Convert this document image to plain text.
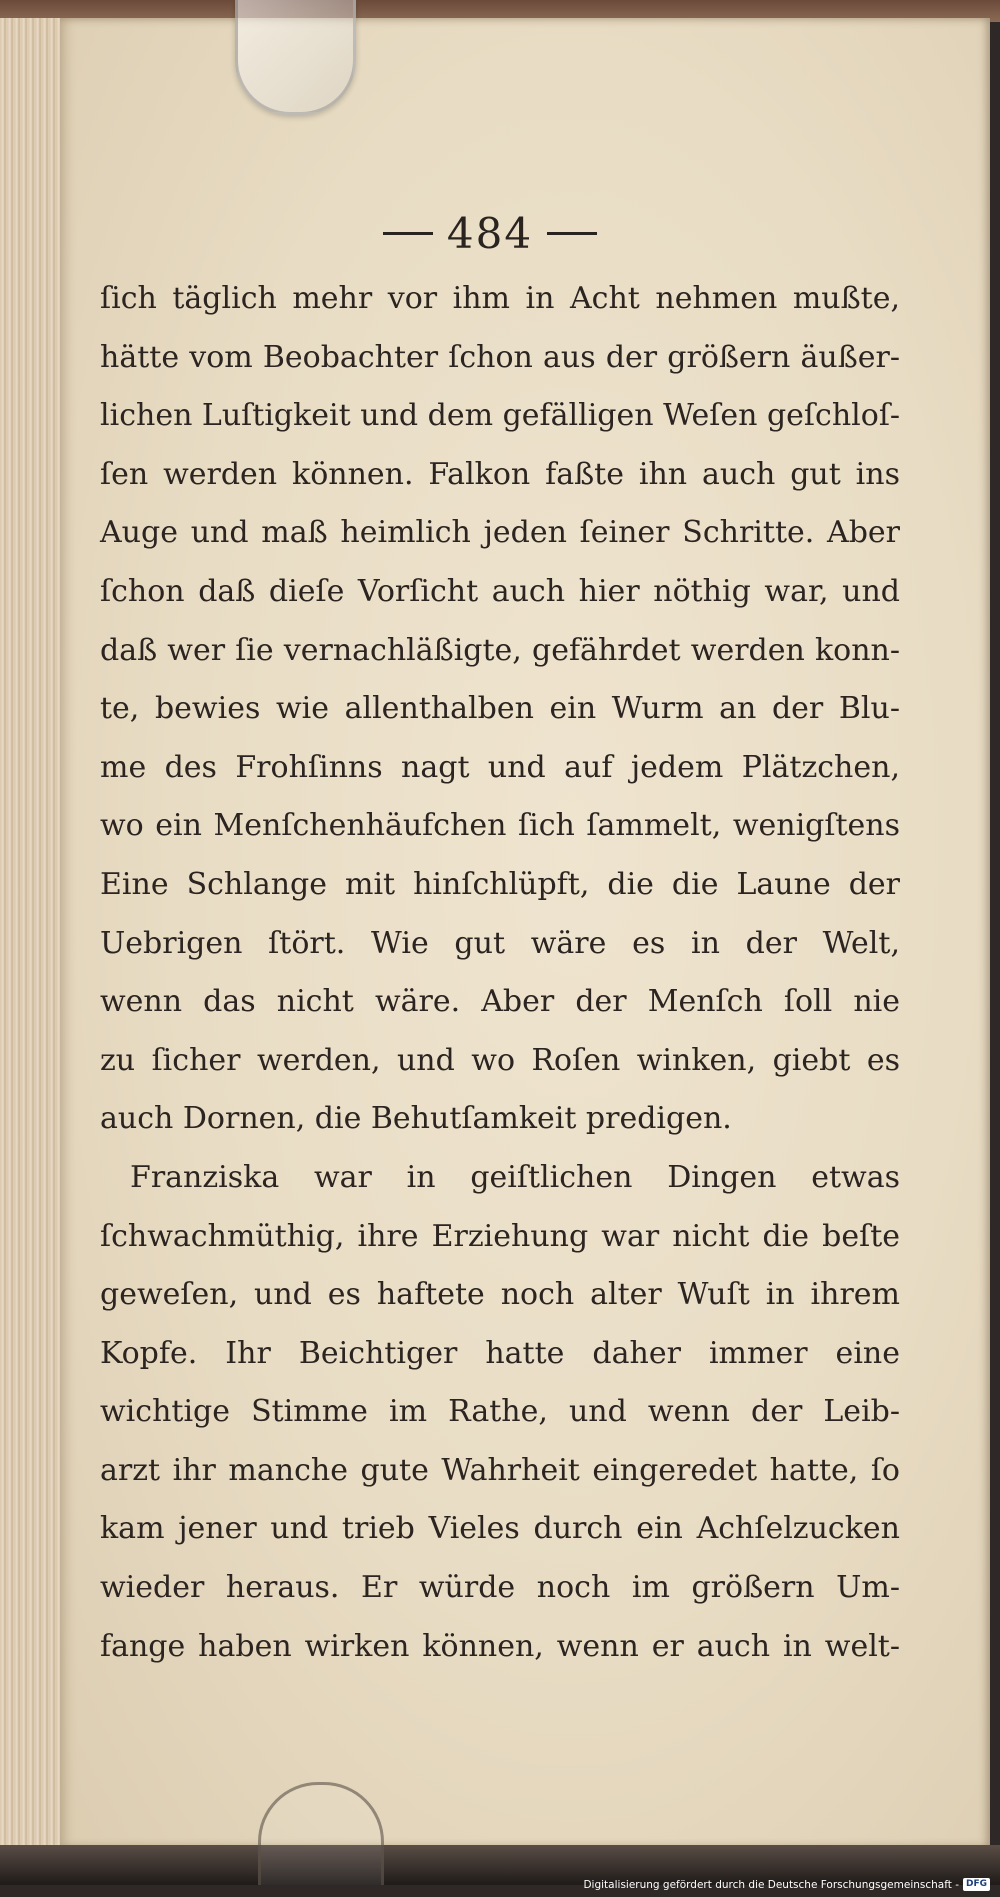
484
ſich täglich mehr vor ihm in Acht nehmen mußte,
hätte vom Beobachter ſchon aus der größern äußer-
lichen Luſtigkeit und dem gefälligen Weſen geſchloſ-
ſen werden können. Falkon faßte ihn auch gut ins
Auge und maß heimlich jeden ſeiner Schritte. Aber
ſchon daß dieſe Vorſicht auch hier nöthig war, und
daß wer ſie vernachläßigte, gefährdet werden konn-
te, bewies wie allenthalben ein Wurm an der Blu-
me des Frohſinns nagt und auf jedem Plätzchen,
wo ein Menſchenhäufchen ſich ſammelt, wenigſtens
Eine Schlange mit hinſchlüpft, die die Laune der
Uebrigen ſtört. Wie gut wäre es in der Welt,
wenn das nicht wäre. Aber der Menſch ſoll nie
zu ſicher werden, und wo Roſen winken, giebt es
auch Dornen, die Behutſamkeit predigen.
Franziska war in geiſtlichen Dingen etwas
ſchwachmüthig, ihre Erziehung war nicht die beſte
geweſen, und es haftete noch alter Wuſt in ihrem
Kopfe. Ihr Beichtiger hatte daher immer eine
wichtige Stimme im Rathe, und wenn der Leib-
arzt ihr manche gute Wahrheit eingeredet hatte, ſo
kam jener und trieb Vieles durch ein Achſelzucken
wieder heraus. Er würde noch im größern Um-
fange haben wirken können, wenn er auch in welt-
Digitalisierung gefördert durch die Deutsche Forschungsgemeinschaft - DFG
